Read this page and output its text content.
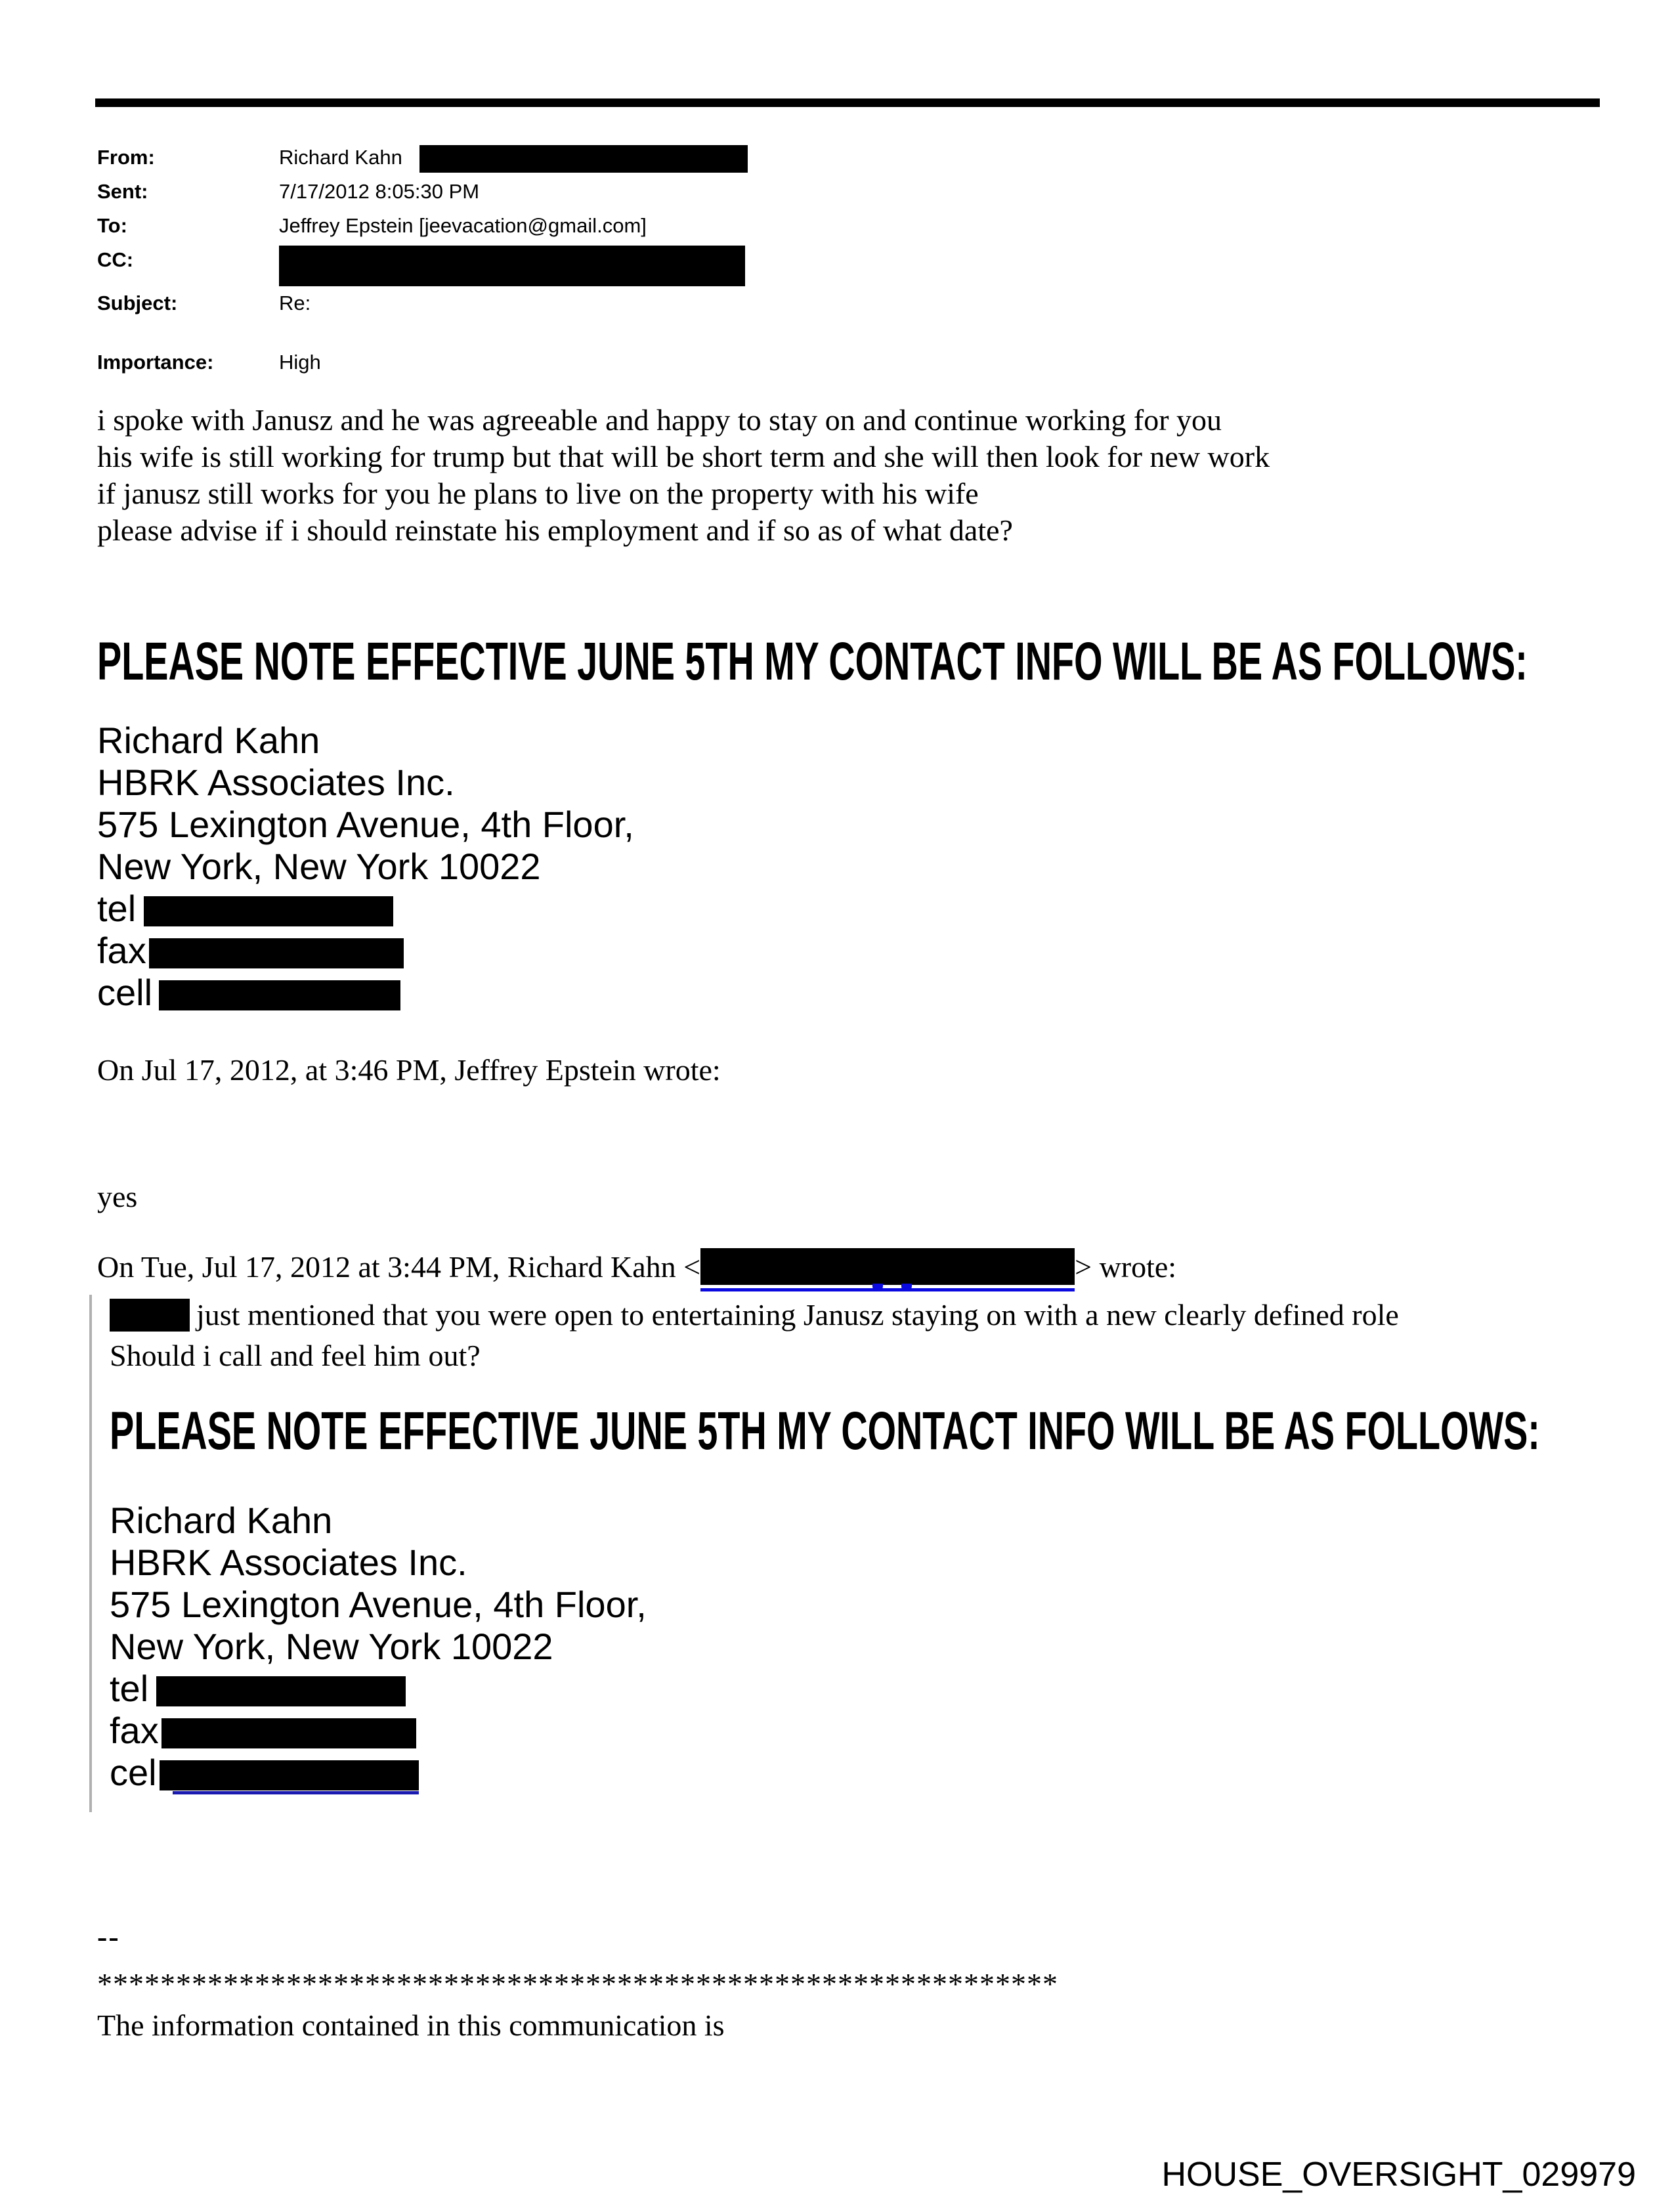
From:	Richard Kahn
Sent:	7/17/2012 8:05:30 PM
To:	Jeffrey Epstein [jeevacation@gmail.com]
CC:
Subject:	Re:
Importance:	High
i spoke with Janusz and he was agreeable and happy to stay on and continue working for you
his wife is still working for trump but that will be short term and she will then look for new work
if janusz still works for you he plans to live on the property with his wife
please advise if i should reinstate his employment and if so as of what date?
PLEASE NOTE EFFECTIVE JUNE 5TH MY CONTACT INFO WILL BE AS FOLLOWS:
Richard Kahn
HBRK Associates Inc.
575 Lexington Avenue, 4th Floor,
New York, New York 10022
tel
fax
cell
On Jul 17, 2012, at 3:46 PM, Jeffrey Epstein wrote:
yes
On Tue, Jul 17, 2012 at 3:44 PM, Richard Kahn <	> wrote:
just mentioned that you were open to entertaining Janusz staying on with a new clearly defined role
Should i call and feel him out?
PLEASE NOTE EFFECTIVE JUNE 5TH MY CONTACT INFO WILL BE AS FOLLOWS:
Richard Kahn
HBRK Associates Inc.
575 Lexington Avenue, 4th Floor,
New York, New York 10022
tel
fax
cel
--
*************************************************************
The information contained in this communication is
HOUSE_OVERSIGHT_029979
